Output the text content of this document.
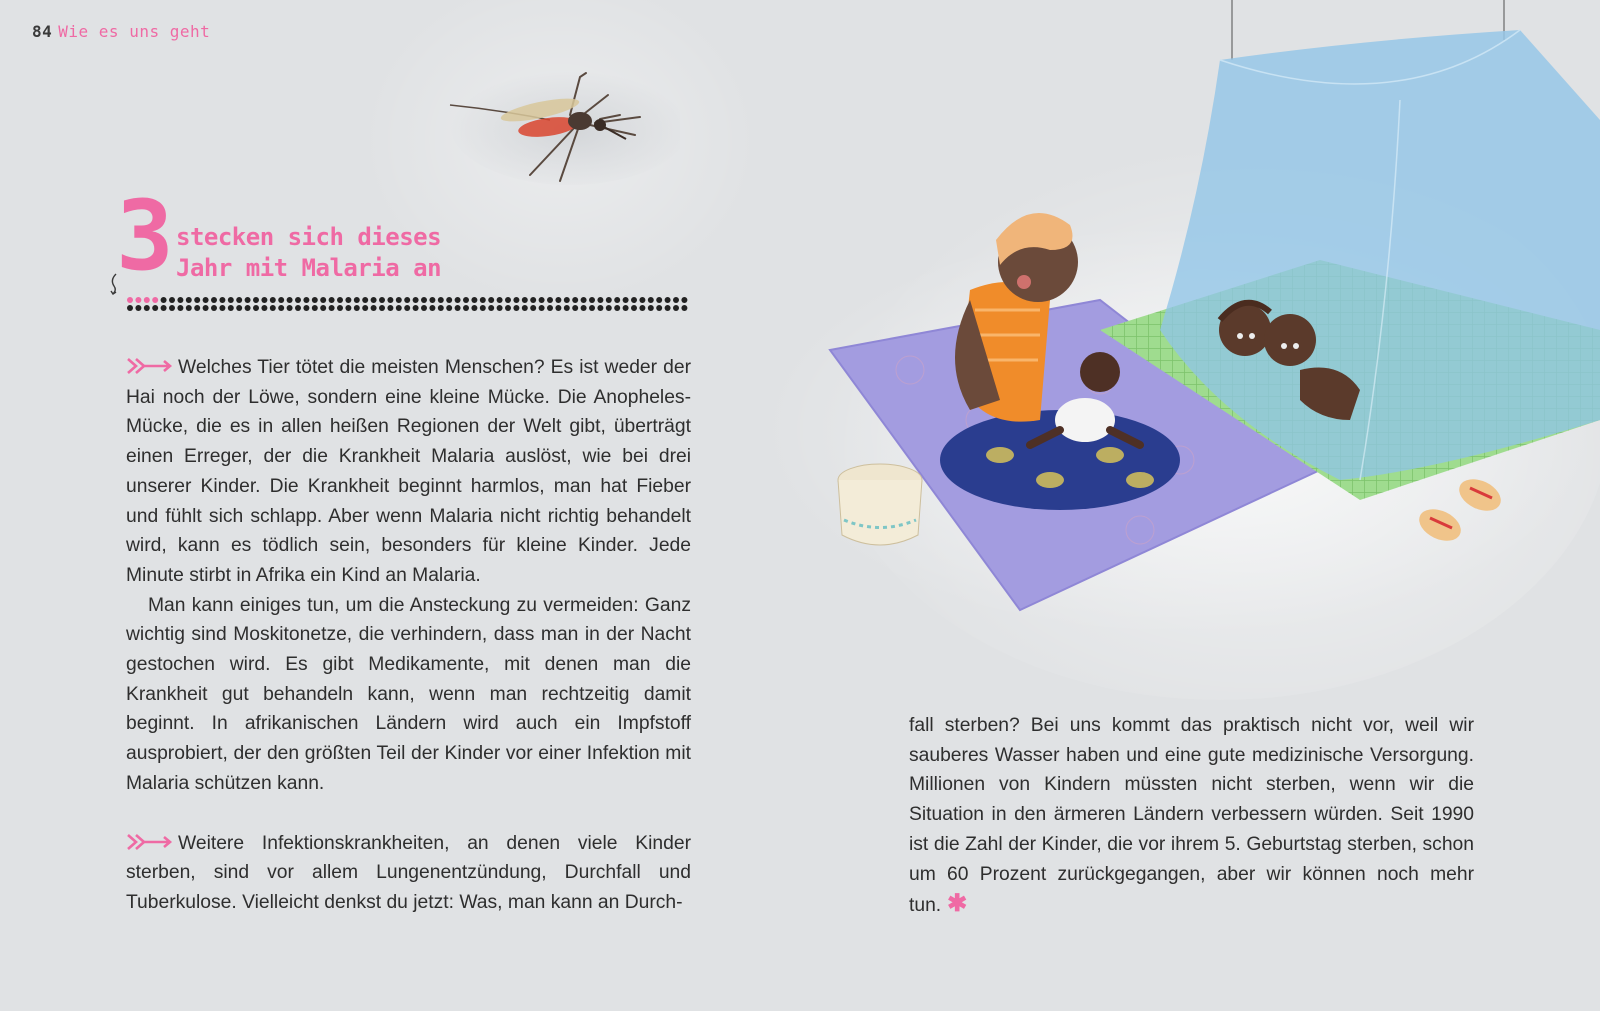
84 Wie es uns geht
3 stecken sich dieses Jahr mit Malaria an

Welches Tier tötet die meisten Menschen? Es ist weder der Hai noch der Löwe, sondern eine kleine Mücke. Die Anopheles-Mücke, die es in allen heißen Regionen der Welt gibt, überträgt einen Erreger, der die Krankheit Malaria auslöst, wie bei drei unserer Kinder. Die Krankheit beginnt harmlos, man hat Fieber und fühlt sich schlapp. Aber wenn Malaria nicht richtig behandelt wird, kann es tödlich sein, besonders für kleine Kinder. Jede Minute stirbt in Afrika ein Kind an Malaria.

Man kann einiges tun, um die Ansteckung zu vermeiden: Ganz wichtig sind Moskitonetze, die verhindern, dass man in der Nacht gestochen wird. Es gibt Medikamente, mit denen man die Krankheit gut behandeln kann, wenn man rechtzeitig damit beginnt. In afrikanischen Ländern wird auch ein Impfstoff ausprobiert, der den größten Teil der Kinder vor einer Infektion mit Malaria schützen kann.

Weitere Infektionskrankheiten, an denen viele Kinder sterben, sind vor allem Lungenentzündung, Durchfall und Tuberkulose. Vielleicht denkst du jetzt: Was, man kann an Durch-

fall sterben? Bei uns kommt das praktisch nicht vor, weil wir sauberes Wasser haben und eine gute medizinische Versorgung. Millionen von Kindern müssten nicht sterben, wenn wir die Situation in den ärmeren Ländern verbessern würden. Seit 1990 ist die Zahl der Kinder, die vor ihrem 5. Geburtstag sterben, schon um 60 Prozent zurückgegangen, aber wir können noch mehr tun. ✱
